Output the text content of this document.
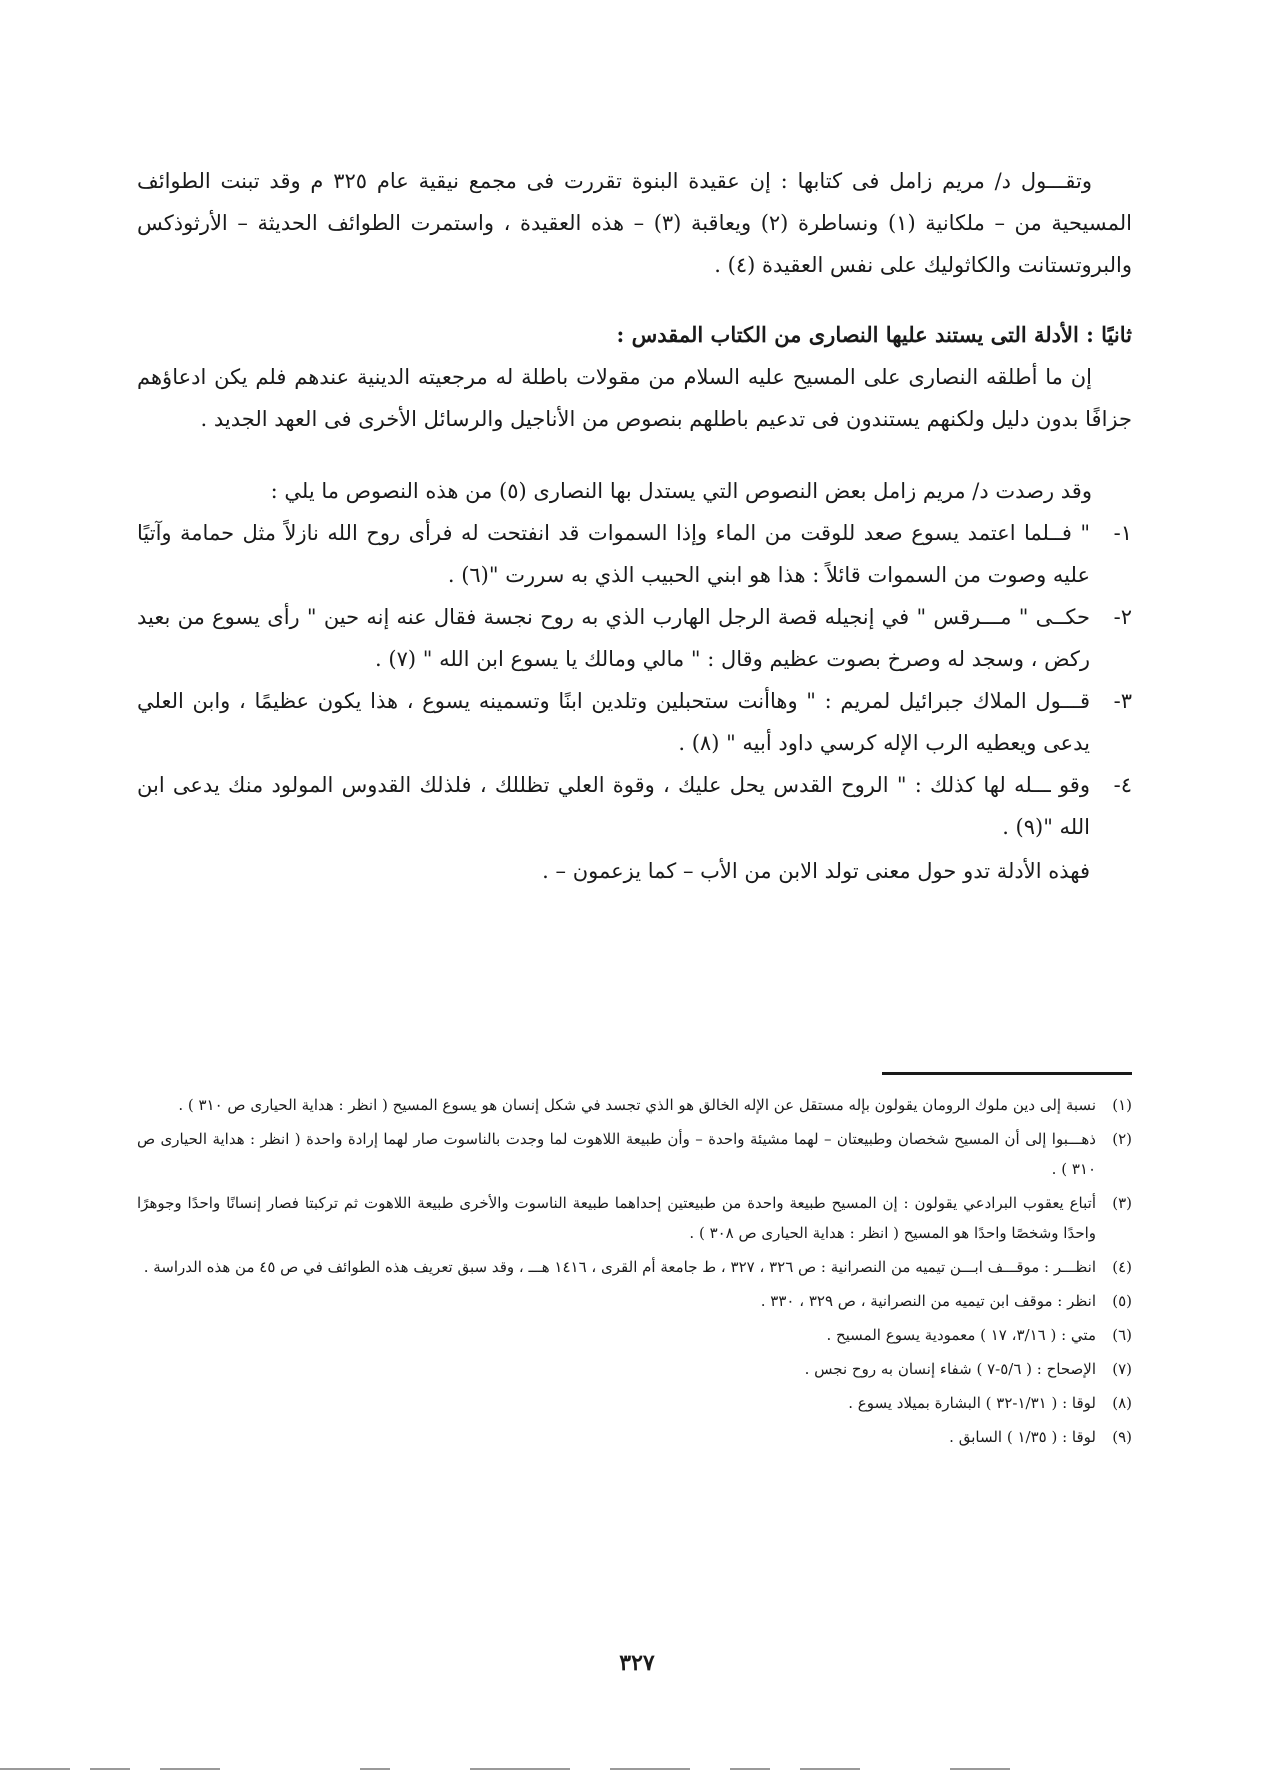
وتقـــول د/ مريم زامل فى كتابها : إن عقيدة البنوة تقررت فى مجمع نيقية عام ٣٢٥ م وقد تبنت الطوائف المسيحية من – ملكانية (١) ونساطرة (٢) ويعاقبة (٣) – هذه العقيدة ، واستمرت الطوائف الحديثة – الأرثوذكس والبروتستانت والكاثوليك على نفس العقيدة (٤) .

ثانيًا : الأدلة التى يستند عليها النصارى من الكتاب المقدس :

إن ما أطلقه النصارى على المسيح عليه السلام من مقولات باطلة له مرجعيته الدينية عندهم فلم يكن ادعاؤهم جزافًا بدون دليل ولكنهم يستندون فى تدعيم باطلهم بنصوص من الأناجيل والرسائل الأخرى فى العهد الجديد .

وقد رصدت د/ مريم زامل بعض النصوص التي يستدل بها النصارى (٥) من هذه النصوص ما يلي :

١-
" فــلما اعتمد يسوع صعد للوقت من الماء وإذا السموات قد انفتحت له فرأى روح الله نازلاً مثل حمامة وآتيًا عليه وصوت من السموات قائلاً : هذا هو ابني الحبيب الذي به سررت "(٦) .

٢-
حكــى " مـــرقس " في إنجيله قصة الرجل الهارب الذي به روح نجسة فقال عنه إنه حين " رأى يسوع من بعيد ركض ، وسجد له وصرخ بصوت عظيم وقال : " مالي ومالك يا يسوع ابن الله " (٧) .

٣-
قـــول الملاك جبرائيل لمريم : " وهاأنت ستحبلين وتلدين ابنًا وتسمينه يسوع ، هذا يكون عظيمًا ، وابن العلي يدعى ويعطيه الرب الإله كرسي داود أبيه " (٨) .

٤-
وقو ـــله لها كذلك : " الروح القدس يحل عليك ، وقوة العلي تظللك ، فلذلك القدوس المولود منك يدعى ابن الله "(٩) .

فهذه الأدلة تدو حول معنى تولد الابن من الأب – كما يزعمون – .

(١)
نسبة إلى دين ملوك الرومان يقولون بإله مستقل عن الإله الخالق هو الذي تجسد في شكل إنسان هو يسوع المسيح ( انظر : هداية الحيارى ص ٣١٠ ) .

(٢)
ذهـــبوا إلى أن المسيح شخصان وطبيعتان – لهما مشيئة واحدة – وأن طبيعة اللاهوت لما وجدت بالناسوت صار لهما إرادة واحدة ( انظر : هداية الحيارى ص ٣١٠ ) .

(٣)
أتباع يعقوب البرادعي يقولون : إن المسيح طبيعة واحدة من طبيعتين إحداهما طبيعة الناسوت والأخرى طبيعة اللاهوت ثم تركبتا فصار إنسانًا واحدًا وجوهرًا واحدًا وشخصًا واحدًا هو المسيح ( انظر : هداية الحيارى ص ٣٠٨ ) .

(٤)
انظـــر : موقـــف ابـــن تيميه من النصرانية : ص ٣٢٦ ، ٣٢٧ ، ط جامعة أم القرى ، ١٤١٦ هـــ ، وقد سبق تعريف هذه الطوائف في ص ٤٥ من هذه الدراسة .

(٥)
انظر : موقف ابن تيميه من النصرانية ، ص ٣٢٩ ، ٣٣٠ .

(٦)
متي : ( ٣/١٦، ١٧ ) معمودية يسوع المسيح .

(٧)
الإصحاح : ( ٥/٦-٧ ) شفاء إنسان به روح نجس .

(٨)
لوقا : ( ١/٣١-٣٢ ) البشارة بميلاد يسوع .

(٩)
لوقا : ( ١/٣٥ ) السابق .

٣٢٧
